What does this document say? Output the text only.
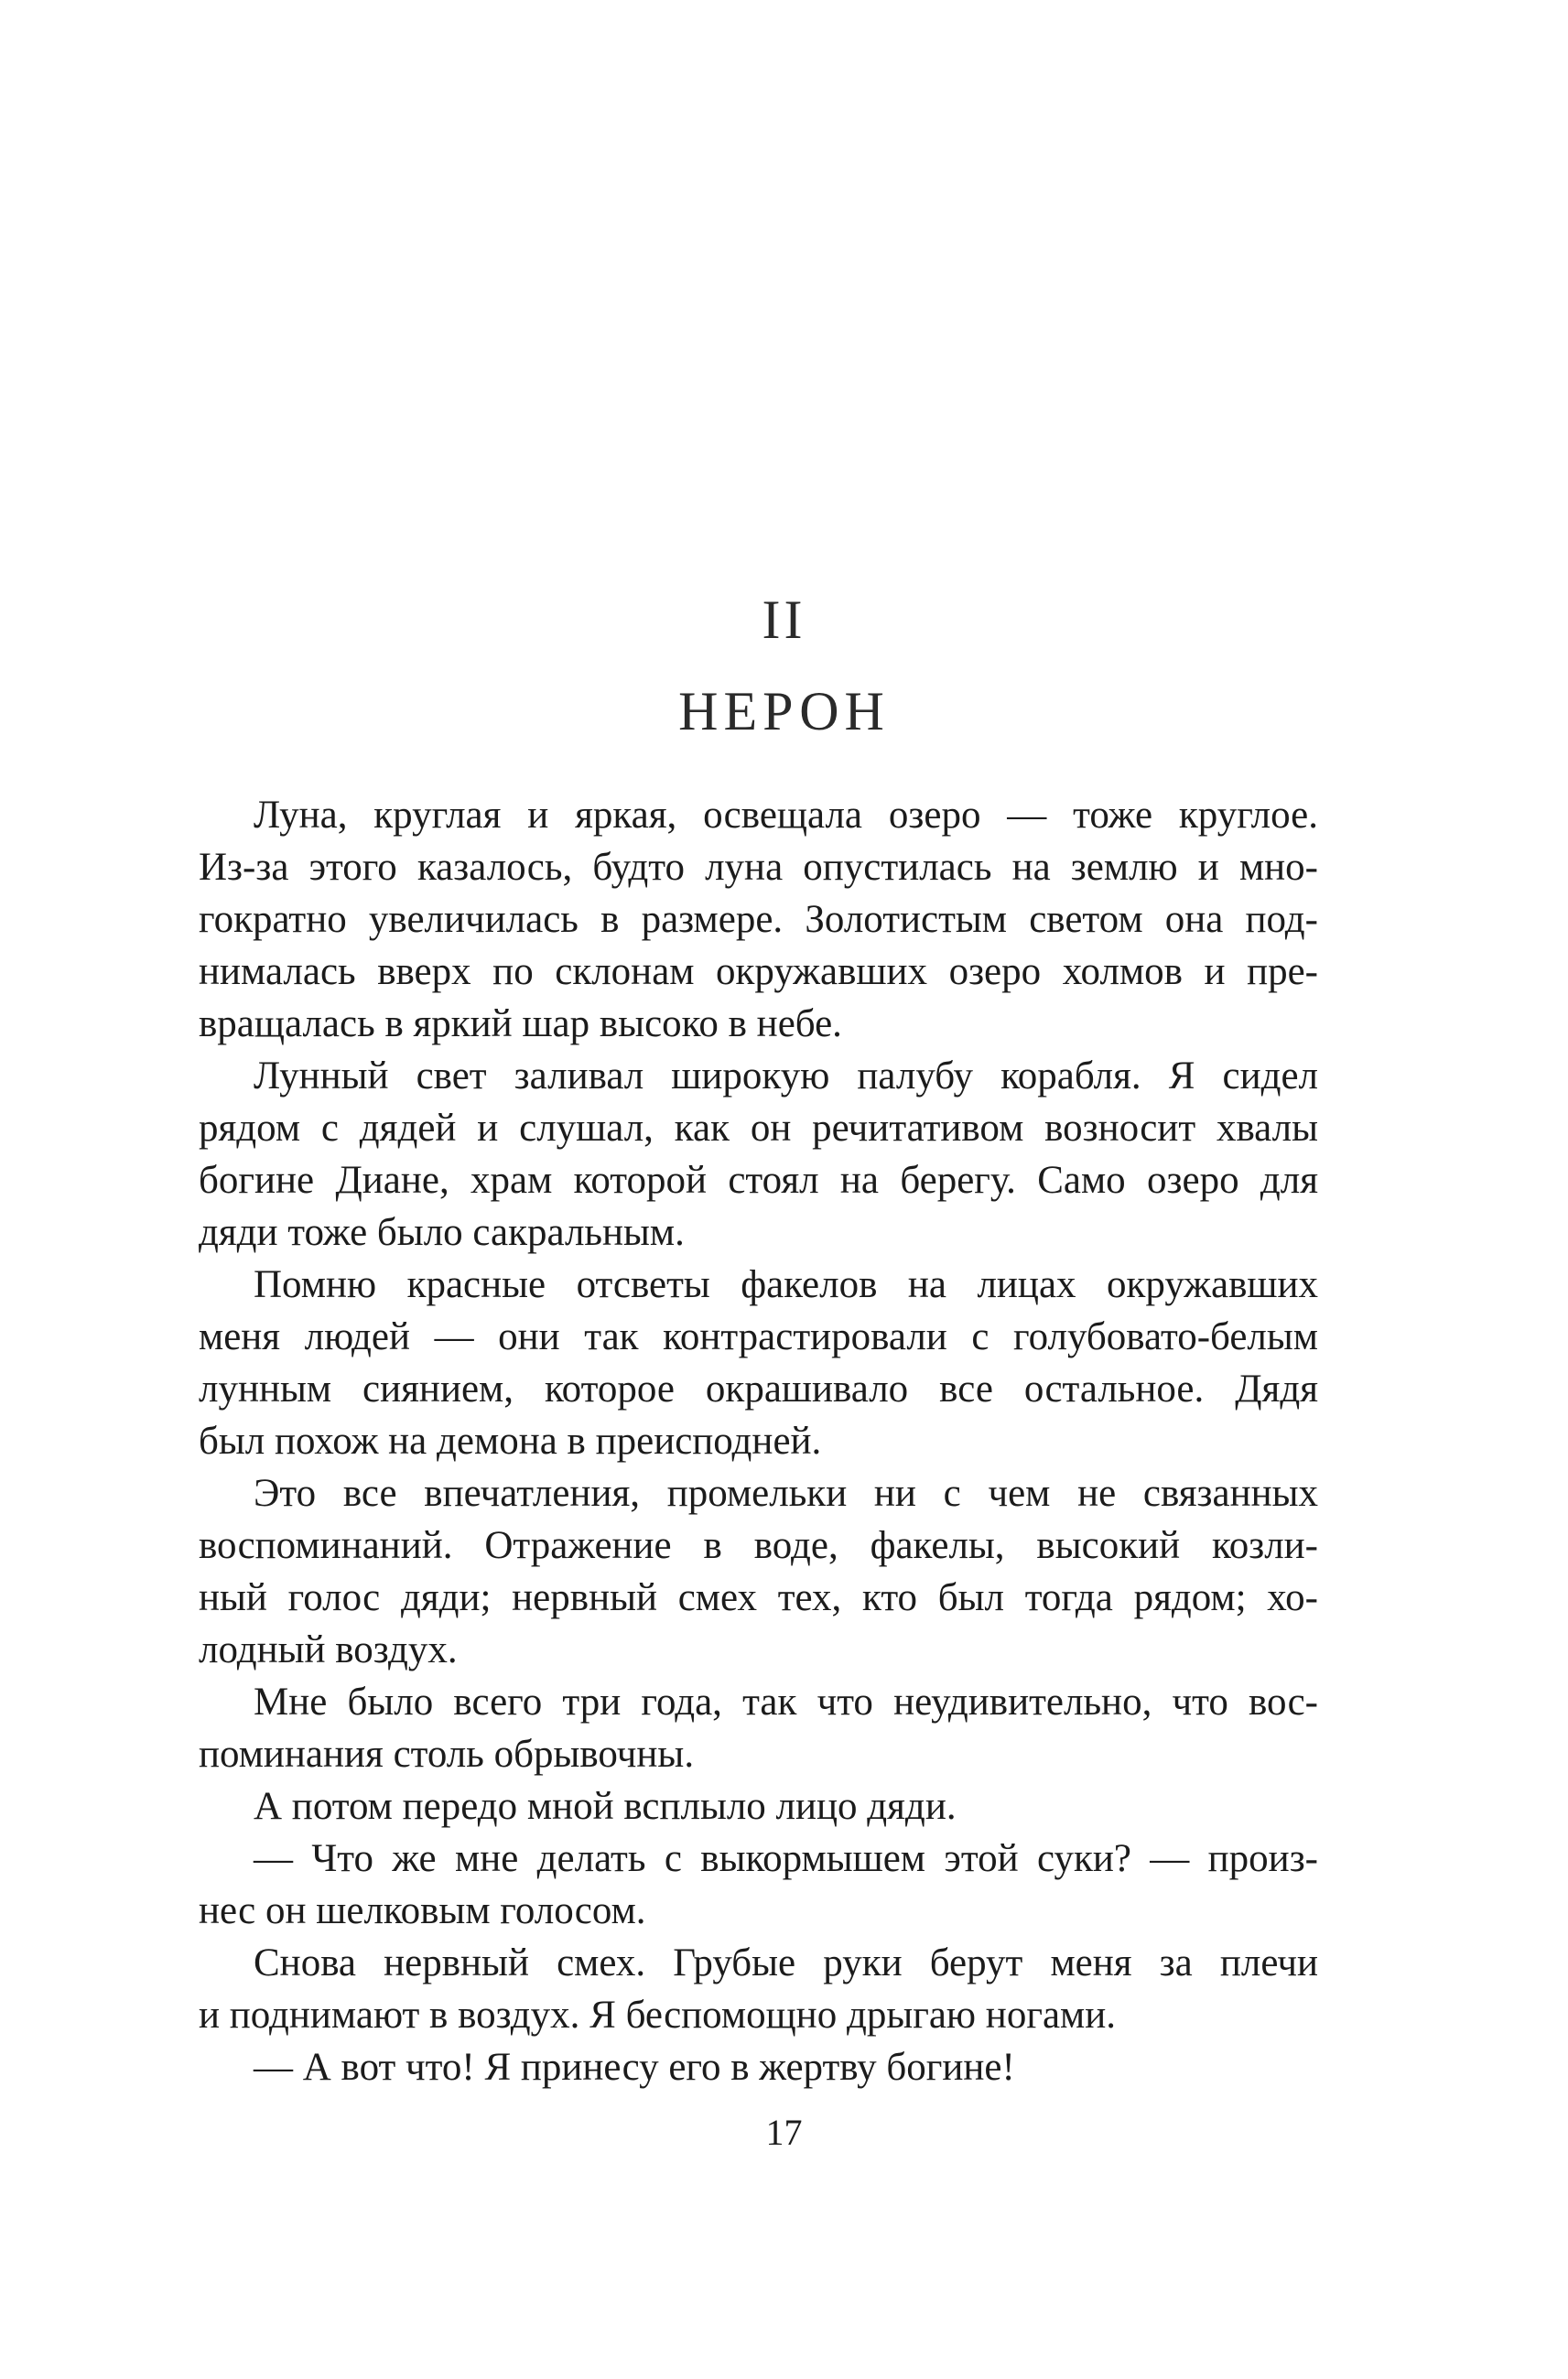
II
НЕРОН
Луна, круглая и яркая, освещала озеро — тоже круглое.
Из-за этого казалось, будто луна опустилась на землю и мно-
гократно увеличилась в размере. Золотистым светом она под-
нималась вверх по склонам окружавших озеро холмов и пре-
вращалась в яркий шар высоко в небе.
Лунный свет заливал широкую палубу корабля. Я сидел
рядом с дядей и слушал, как он речитативом возносит хвалы
богине Диане, храм которой стоял на берегу. Само озеро для
дяди тоже было сакральным.
Помню красные отсветы факелов на лицах окружавших
меня людей — они так контрастировали с голубовато-белым
лунным сиянием, которое окрашивало все остальное. Дядя
был похож на демона в преисподней.
Это все впечатления, промельки ни с чем не связанных
воспоминаний. Отражение в воде, факелы, высокий козли-
ный голос дяди; нервный смех тех, кто был тогда рядом; хо-
лодный воздух.
Мне было всего три года, так что неудивительно, что вос-
поминания столь обрывочны.
А потом передо мной всплыло лицо дяди.
— Что же мне делать с выкормышем этой суки? — произ-
нес он шелковым голосом.
Снова нервный смех. Грубые руки берут меня за плечи
и поднимают в воздух. Я беспомощно дрыгаю ногами.
— А вот что! Я принесу его в жертву богине!
17
